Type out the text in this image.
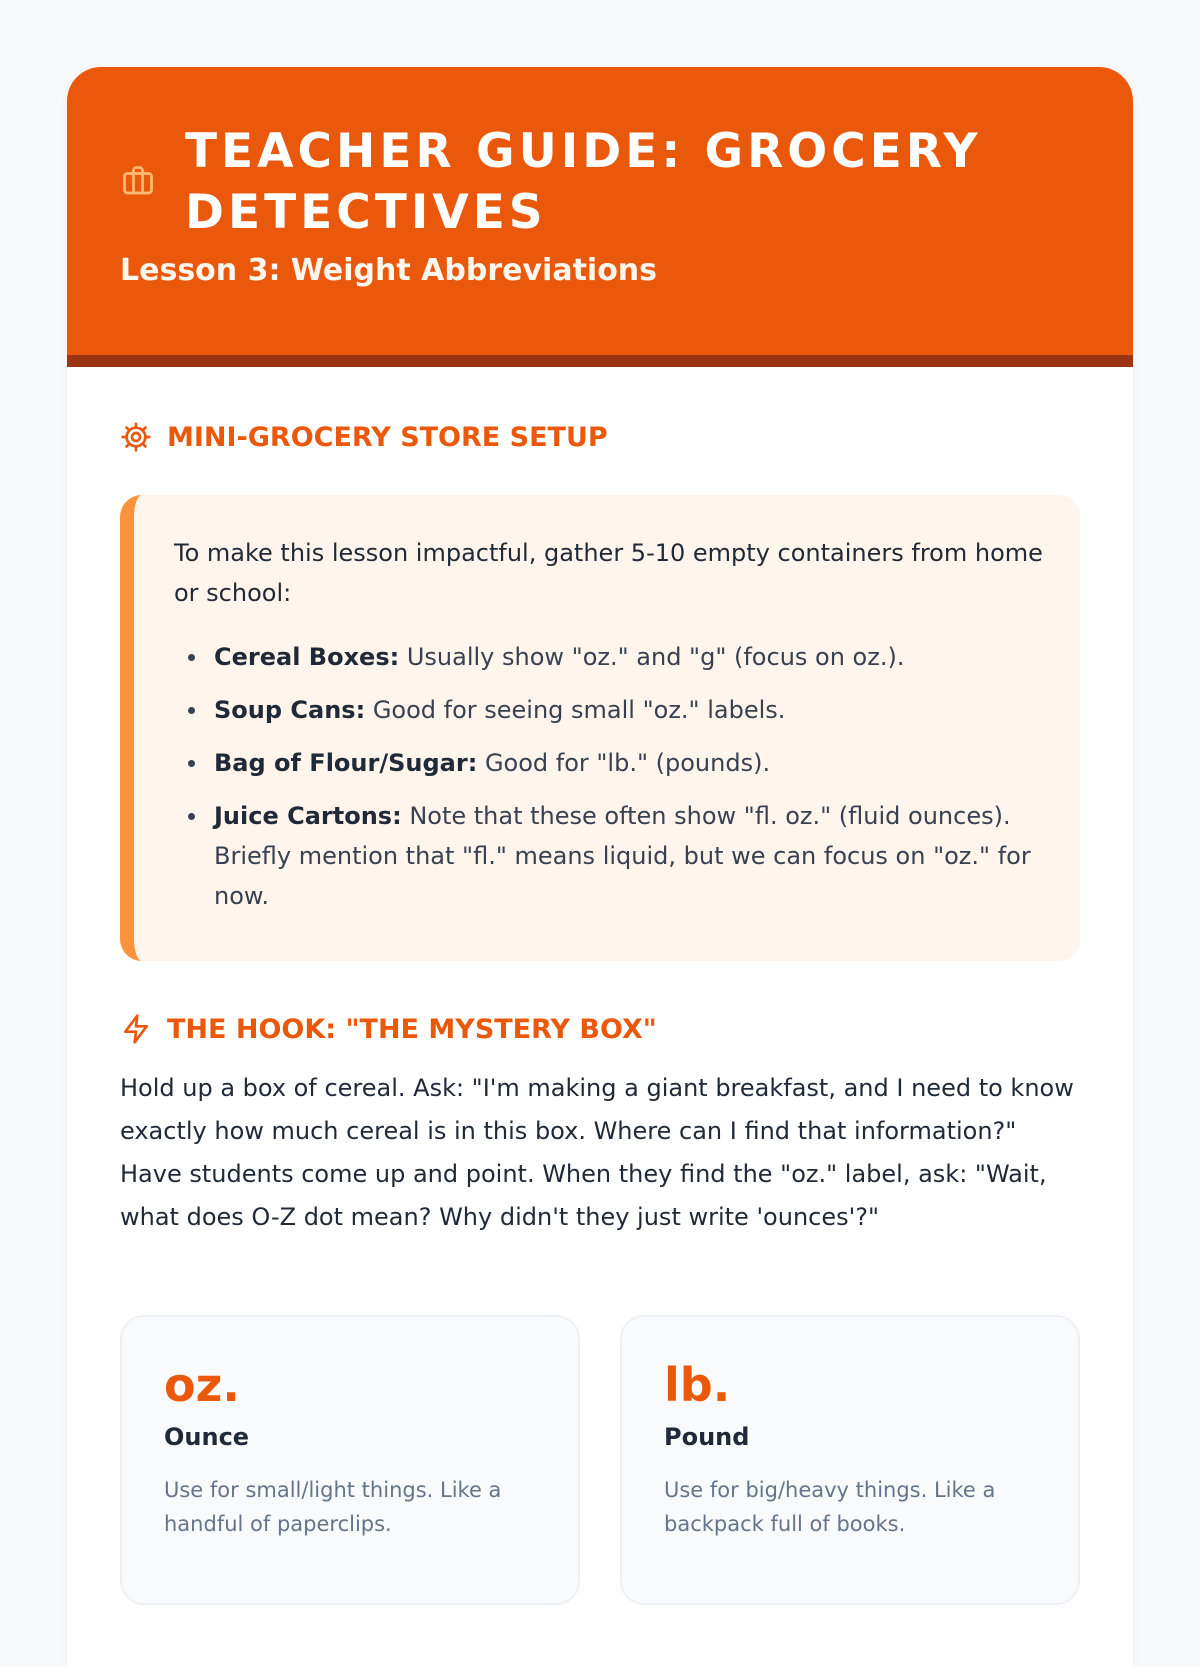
TEACHER GUIDE: GROCERY DETECTIVES
Lesson 3: Weight Abbreviations
MINI-GROCERY STORE SETUP

To make this lesson impactful, gather 5-10 empty containers from home or school:

Cereal Boxes: Usually show "oz." and "g" (focus on oz.).
Soup Cans: Good for seeing small "oz." labels.
Bag of Flour/Sugar: Good for "lb." (pounds).
Juice Cartons: Note that these often show "fl. oz." (fluid ounces). Briefly mention that "fl." means liquid, but we can focus on "oz." for now.
THE HOOK: "THE MYSTERY BOX"

Hold up a box of cereal. Ask: "I'm making a giant breakfast, and I need to know exactly how much cereal is in this box. Where can I find that information?" Have students come up and point. When they find the "oz." label, ask: "Wait, what does O-Z dot mean? Why didn't they just write 'ounces'?"

oz.
Ounce
Use for small/light things. Like a handful of paperclips.
lb.
Pound
Use for big/heavy things. Like a backpack full of books.
